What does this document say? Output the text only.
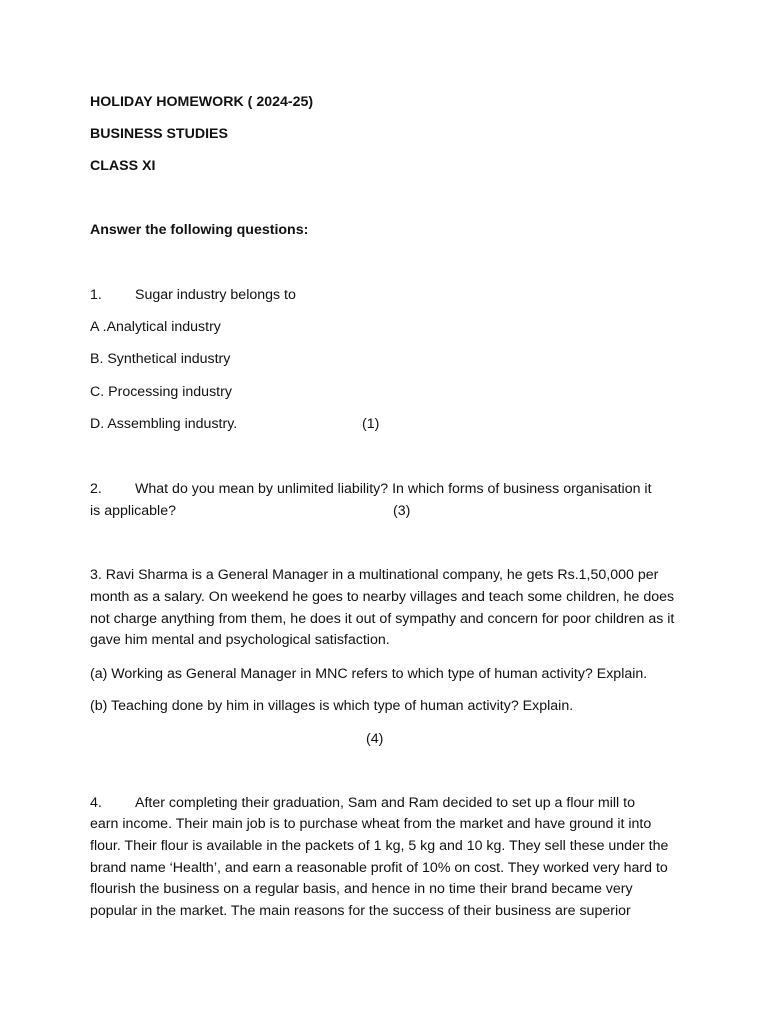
HOLIDAY HOMEWORK ( 2024-25)
BUSINESS STUDIES
CLASS XI
Answer the following questions:
1. Sugar industry belongs to
A .Analytical industry
B. Synthetical industry
C. Processing industry
D. Assembling industry.	(1)
2. What do you mean by unlimited liability? In which forms of business organisation it
is applicable?	(3)
3. Ravi Sharma is a General Manager in a multinational company, he gets Rs.1,50,000 per month as a salary. On weekend he goes to nearby villages and teach some children, he does not charge anything from them, he does it out of sympathy and concern for poor children as it gave him mental and psychological satisfaction.
(a) Working as General Manager in MNC refers to which type of human activity? Explain.
(b) Teaching done by him in villages is which type of human activity? Explain.
(4)
4. After completing their graduation, Sam and Ram decided to set up a flour mill to
earn income. Their main job is to purchase wheat from the market and have ground it into flour. Their flour is available in the packets of 1 kg, 5 kg and 10 kg. They sell these under the brand name ‘Health’, and earn a reasonable profit of 10% on cost. They worked very hard to flourish the business on a regular basis, and hence in no time their brand became very popular in the market. The main reasons for the success of their business are superior
